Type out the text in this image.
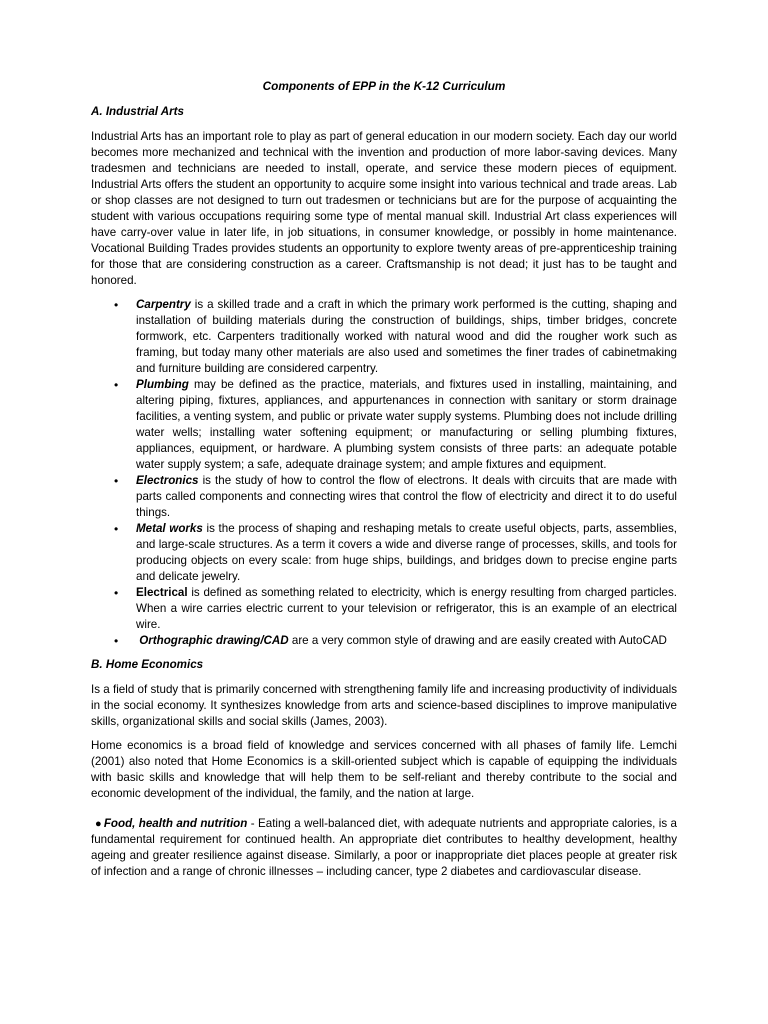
Components of EPP in the K-12 Curriculum
A. Industrial Arts

Industrial Arts has an important role to play as part of general education in our modern society. Each day our world becomes more mechanized and technical with the invention and production of more labor-saving devices. Many tradesmen and technicians are needed to install, operate, and service these modern pieces of equipment. Industrial Arts offers the student an opportunity to acquire some insight into various technical and trade areas. Lab or shop classes are not designed to turn out tradesmen or technicians but are for the purpose of acquainting the student with various occupations requiring some type of mental manual skill. Industrial Art class experiences will have carry-over value in later life, in job situations, in consumer knowledge, or possibly in home maintenance. Vocational Building Trades provides students an opportunity to explore twenty areas of pre-apprenticeship training for those that are considering construction as a career. Craftsmanship is not dead; it just has to be taught and honored.

• Carpentry is a skilled trade and a craft in which the primary work performed is the cutting, shaping and installation of building materials during the construction of buildings, ships, timber bridges, concrete formwork, etc. Carpenters traditionally worked with natural wood and did the rougher work such as framing, but today many other materials are also used and sometimes the finer trades of cabinetmaking and furniture building are considered carpentry.
• Plumbing may be defined as the practice, materials, and fixtures used in installing, maintaining, and altering piping, fixtures, appliances, and appurtenances in connection with sanitary or storm drainage facilities, a venting system, and public or private water supply systems. Plumbing does not include drilling water wells; installing water softening equipment; or manufacturing or selling plumbing fixtures, appliances, equipment, or hardware. A plumbing system consists of three parts: an adequate potable water supply system; a safe, adequate drainage system; and ample fixtures and equipment.
• Electronics is the study of how to control the flow of electrons. It deals with circuits that are made with parts called components and connecting wires that control the flow of electricity and direct it to do useful things.
• Metal works is the process of shaping and reshaping metals to create useful objects, parts, assemblies, and large-scale structures. As a term it covers a wide and diverse range of processes, skills, and tools for producing objects on every scale: from huge ships, buildings, and bridges down to precise engine parts and delicate jewelry.
• Electrical is defined as something related to electricity, which is energy resulting from charged particles. When a wire carries electric current to your television or refrigerator, this is an example of an electrical wire.
• Orthographic drawing/CAD are a very common style of drawing and are easily created with AutoCAD
B. Home Economics

Is a field of study that is primarily concerned with strengthening family life and increasing productivity of individuals in the social economy. It synthesizes knowledge from arts and science-based disciplines to improve manipulative skills, organizational skills and social skills (James, 2003).

Home economics is a broad field of knowledge and services concerned with all phases of family life. Lemchi (2001) also noted that Home Economics is a skill-oriented subject which is capable of equipping the individuals with basic skills and knowledge that will help them to be self-reliant and thereby contribute to the social and economic development of the individual, the family, and the nation at large.

● Food, health and nutrition - Eating a well-balanced diet, with adequate nutrients and appropriate calories, is a fundamental requirement for continued health. An appropriate diet contributes to healthy development, healthy ageing and greater resilience against disease. Similarly, a poor or inappropriate diet places people at greater risk of infection and a range of chronic illnesses – including cancer, type 2 diabetes and cardiovascular disease.
